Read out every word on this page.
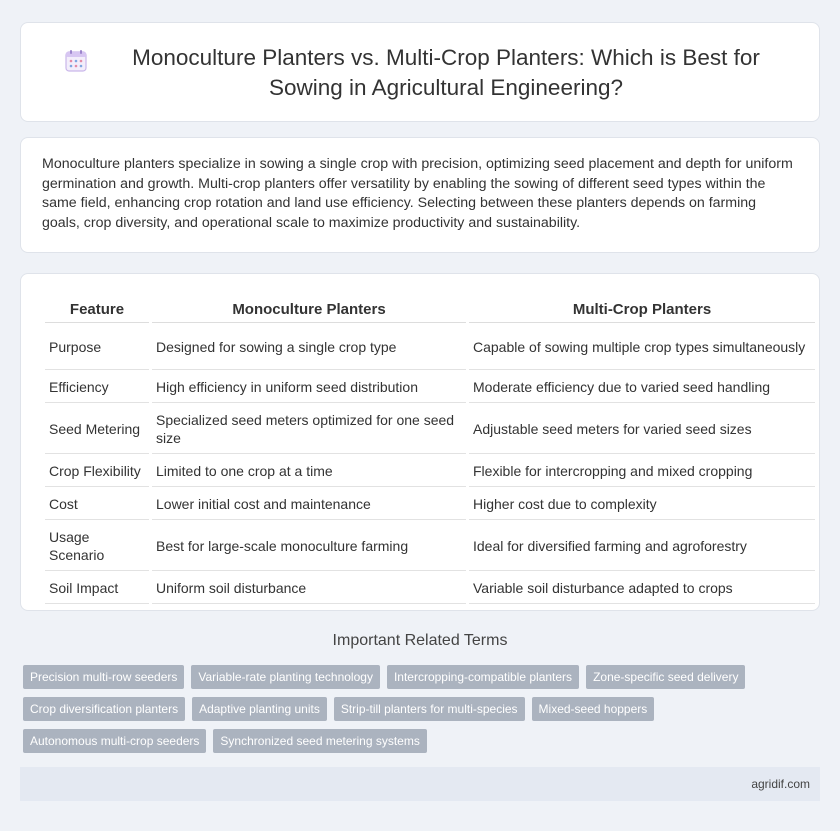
Monoculture Planters vs. Multi-Crop Planters: Which is Best for Sowing in Agricultural Engineering?

Monoculture planters specialize in sowing a single crop with precision, optimizing seed placement and depth for uniform germination and growth. Multi-crop planters offer versatility by enabling the sowing of different seed types within the same field, enhancing crop rotation and land use efficiency. Selecting between these planters depends on farming goals, crop diversity, and operational scale to maximize productivity and sustainability.

Feature	Monoculture Planters	Multi-Crop Planters
Purpose	Designed for sowing a single crop type	Capable of sowing multiple crop types simultaneously
Efficiency	High efficiency in uniform seed distribution	Moderate efficiency due to varied seed handling
Seed Metering	Specialized seed meters optimized for one seed size	Adjustable seed meters for varied seed sizes
Crop Flexibility	Limited to one crop at a time	Flexible for intercropping and mixed cropping
Cost	Lower initial cost and maintenance	Higher cost due to complexity
Usage Scenario	Best for large-scale monoculture farming	Ideal for diversified farming and agroforestry
Soil Impact	Uniform soil disturbance	Variable soil disturbance adapted to crops
Important Related Terms
Precision multi-row seeders	Variable-rate planting technology	Intercropping-compatible planters	Zone-specific seed delivery
Crop diversification planters	Adaptive planting units	Strip-till planters for multi-species	Mixed-seed hoppers
Autonomous multi-crop seeders	Synchronized seed metering systems
agridif.com
